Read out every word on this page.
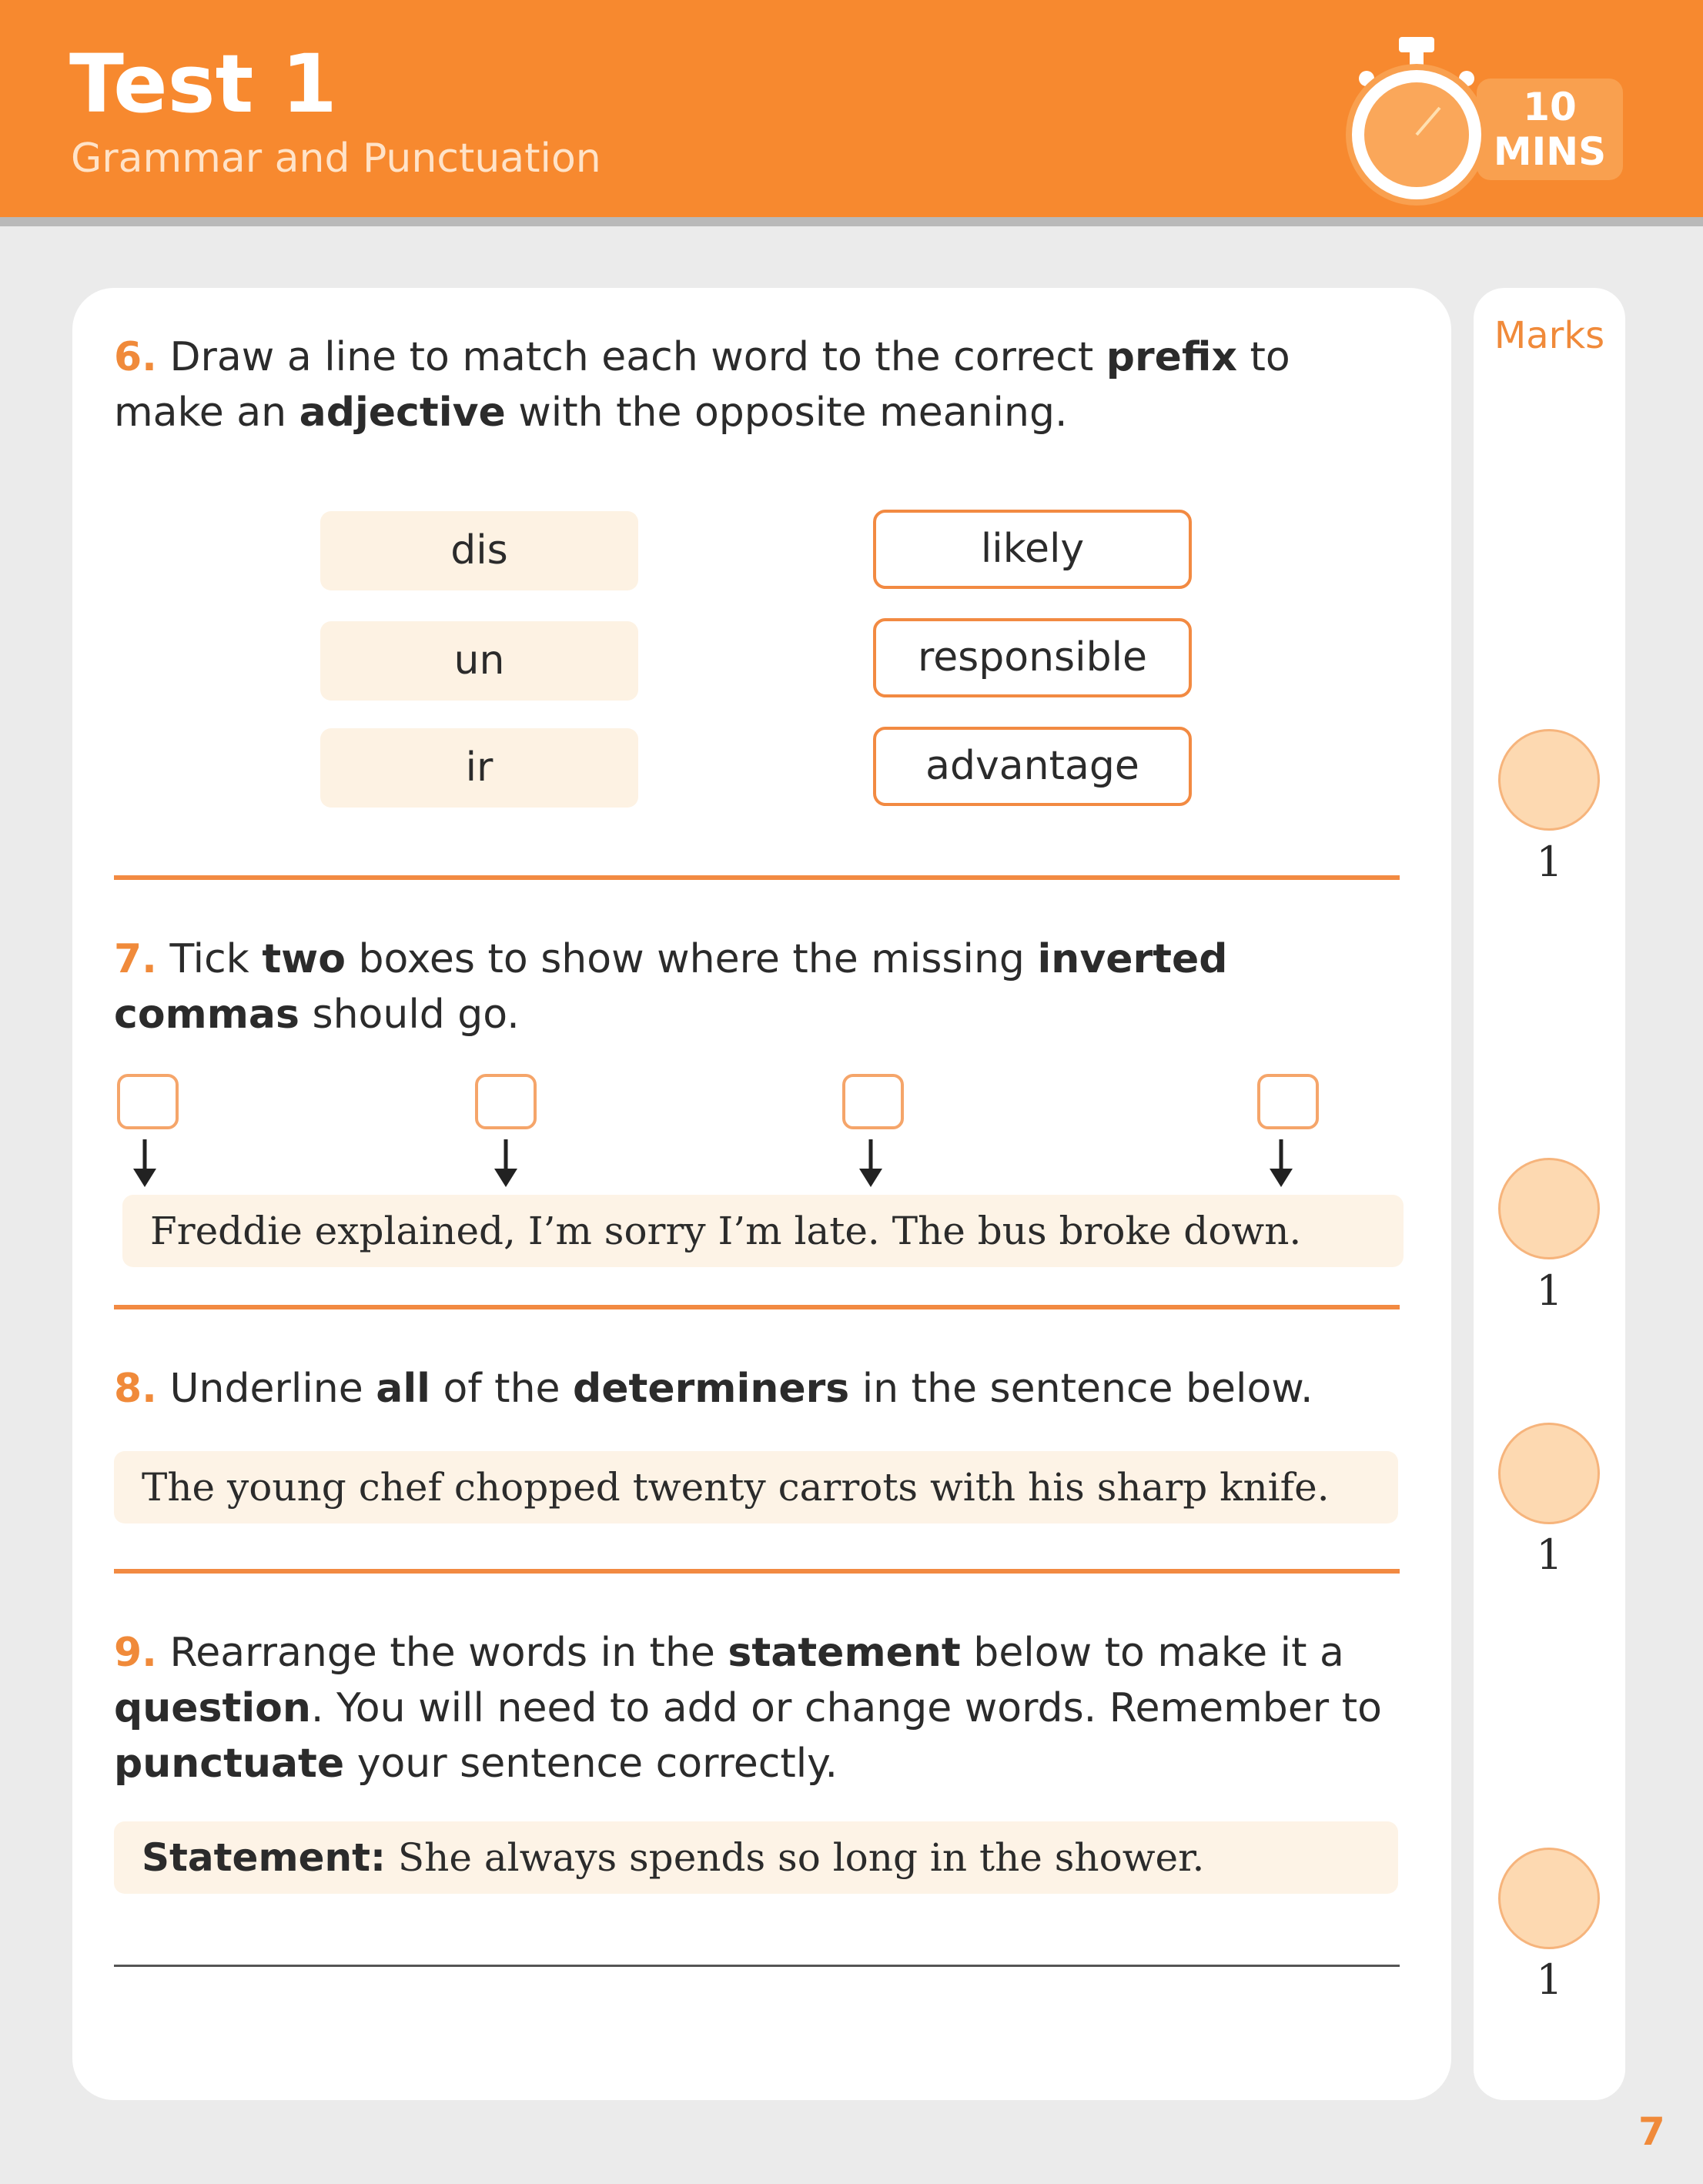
Test 1
Grammar and Punctuation
10
MINS
Marks
6. Draw a line to match each word to the correct prefix to make an adjective with the opposite meaning.
dis
un
ir
likely
responsible
advantage
1
7. Tick two boxes to show where the missing inverted commas should go.
Freddie explained, I’m sorry I’m late. The bus broke down.
1
8. Underline all of the determiners in the sentence below.
The young chef chopped twenty carrots with his sharp knife.
1
9. Rearrange the words in the statement below to make it a question. You will need to add or change words. Remember to punctuate your sentence correctly.
Statement: She always spends so long in the shower.
1
7
